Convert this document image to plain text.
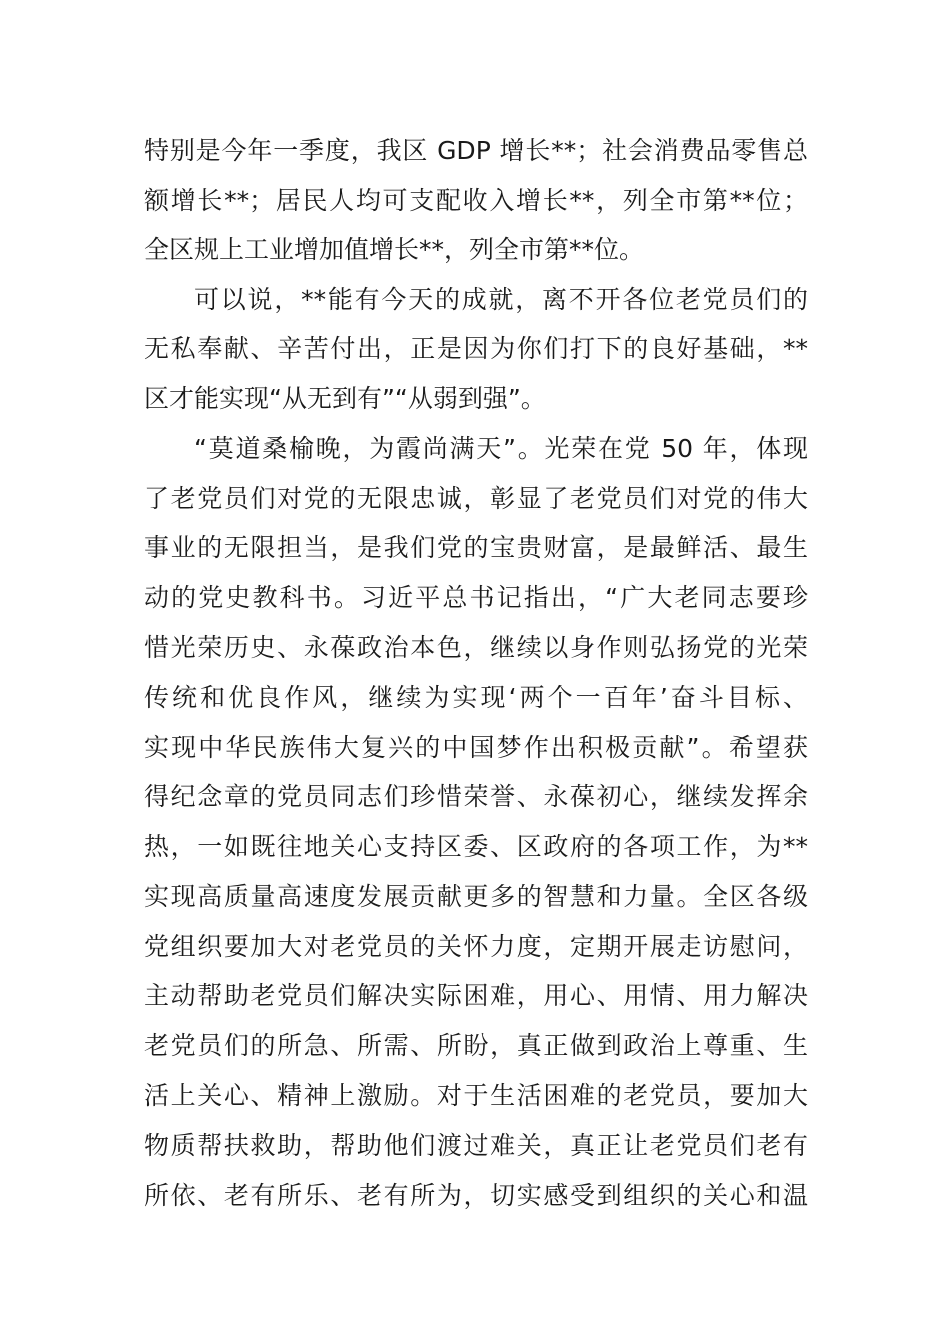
特别是今年一季度，我区 GDP 增长**；社会消费品零售总
额增长**；居民人均可支配收入增长**，列全市第**位；
全区规上工业增加值增长**，列全市第**位。
可以说，**能有今天的成就，离不开各位老党员们的
无私奉献、辛苦付出，正是因为你们打下的良好基础，**
区才能实现“从无到有”“从弱到强”。
“莫道桑榆晚，为霞尚满天”。光荣在党 50 年，体现
了老党员们对党的无限忠诚，彰显了老党员们对党的伟大
事业的无限担当，是我们党的宝贵财富，是最鲜活、最生
动的党史教科书。习近平总书记指出，“广大老同志要珍
惜光荣历史、永葆政治本色，继续以身作则弘扬党的光荣
传统和优良作风，继续为实现‘两个一百年’奋斗目标、
实现中华民族伟大复兴的中国梦作出积极贡献”。希望获
得纪念章的党员同志们珍惜荣誉、永葆初心，继续发挥余
热，一如既往地关心支持区委、区政府的各项工作，为**
实现高质量高速度发展贡献更多的智慧和力量。全区各级
党组织要加大对老党员的关怀力度，定期开展走访慰问，
主动帮助老党员们解决实际困难，用心、用情、用力解决
老党员们的所急、所需、所盼，真正做到政治上尊重、生
活上关心、精神上激励。对于生活困难的老党员，要加大
物质帮扶救助，帮助他们渡过难关，真正让老党员们老有
所依、老有所乐、老有所为，切实感受到组织的关心和温
